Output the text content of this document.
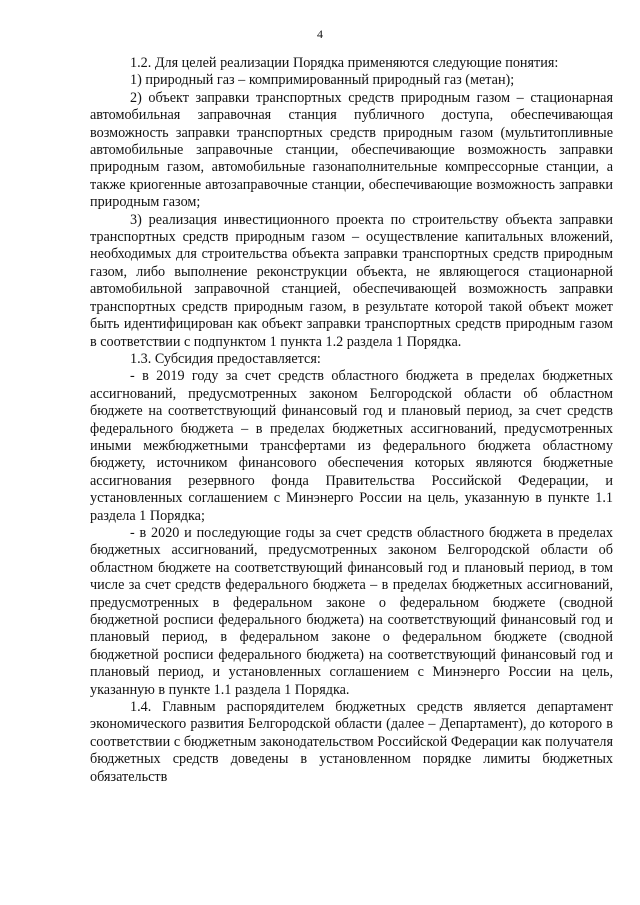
4

1.2. Для целей реализации Порядка применяются следующие понятия:

1) природный газ – компримированный природный газ (метан);

2) объект заправки транспортных средств природным газом – стационарная автомобильная заправочная станция публичного доступа, обеспечивающая возможность заправки транспортных средств природным газом (мультитопливные автомобильные заправочные станции, обеспечивающие возможность заправки природным газом, автомобильные газонаполнительные компрессорные станции, а также криогенные автозаправочные станции, обеспечивающие возможность заправки природным газом;

3) реализация инвестиционного проекта по строительству объекта заправки транспортных средств природным газом – осуществление капитальных вложений, необходимых для строительства объекта заправки транспортных средств природным газом, либо выполнение реконструкции объекта, не являющегося стационарной автомобильной заправочной станцией, обеспечивающей возможность заправки транспортных средств природным газом, в результате которой такой объект может быть идентифицирован как объект заправки транспортных средств природным газом в соответствии с подпунктом 1 пункта 1.2 раздела 1 Порядка.

1.3. Субсидия предоставляется:

- в 2019 году за счет средств областного бюджета в пределах бюджетных ассигнований, предусмотренных законом Белгородской области об областном бюджете на соответствующий финансовый год и плановый период, за счет средств федерального бюджета – в пределах бюджетных ассигнований, предусмотренных иными межбюджетными трансфертами из федерального бюджета областному бюджету, источником финансового обеспечения которых являются бюджетные ассигнования резервного фонда Правительства Российской Федерации, и установленных соглашением с Минэнерго России на цель, указанную в пункте 1.1 раздела 1 Порядка;

- в 2020 и последующие годы за счет средств областного бюджета в пределах бюджетных ассигнований, предусмотренных законом Белгородской области об областном бюджете на соответствующий финансовый год и плановый период, в том числе за счет средств федерального бюджета – в пределах бюджетных ассигнований, предусмотренных в федеральном законе о федеральном бюджете (сводной бюджетной росписи федерального бюджета) на соответствующий финансовый год и плановый период, в федеральном законе о федеральном бюджете (сводной бюджетной росписи федерального бюджета) на соответствующий финансовый год и плановый период, и установленных соглашением с Минэнерго России на цель, указанную в пункте 1.1 раздела 1 Порядка.

1.4. Главным распорядителем бюджетных средств является департамент экономического развития Белгородской области (далее – Департамент), до которого в соответствии с бюджетным законодательством Российской Федерации как получателя бюджетных средств доведены в установленном порядке лимиты бюджетных обязательств
